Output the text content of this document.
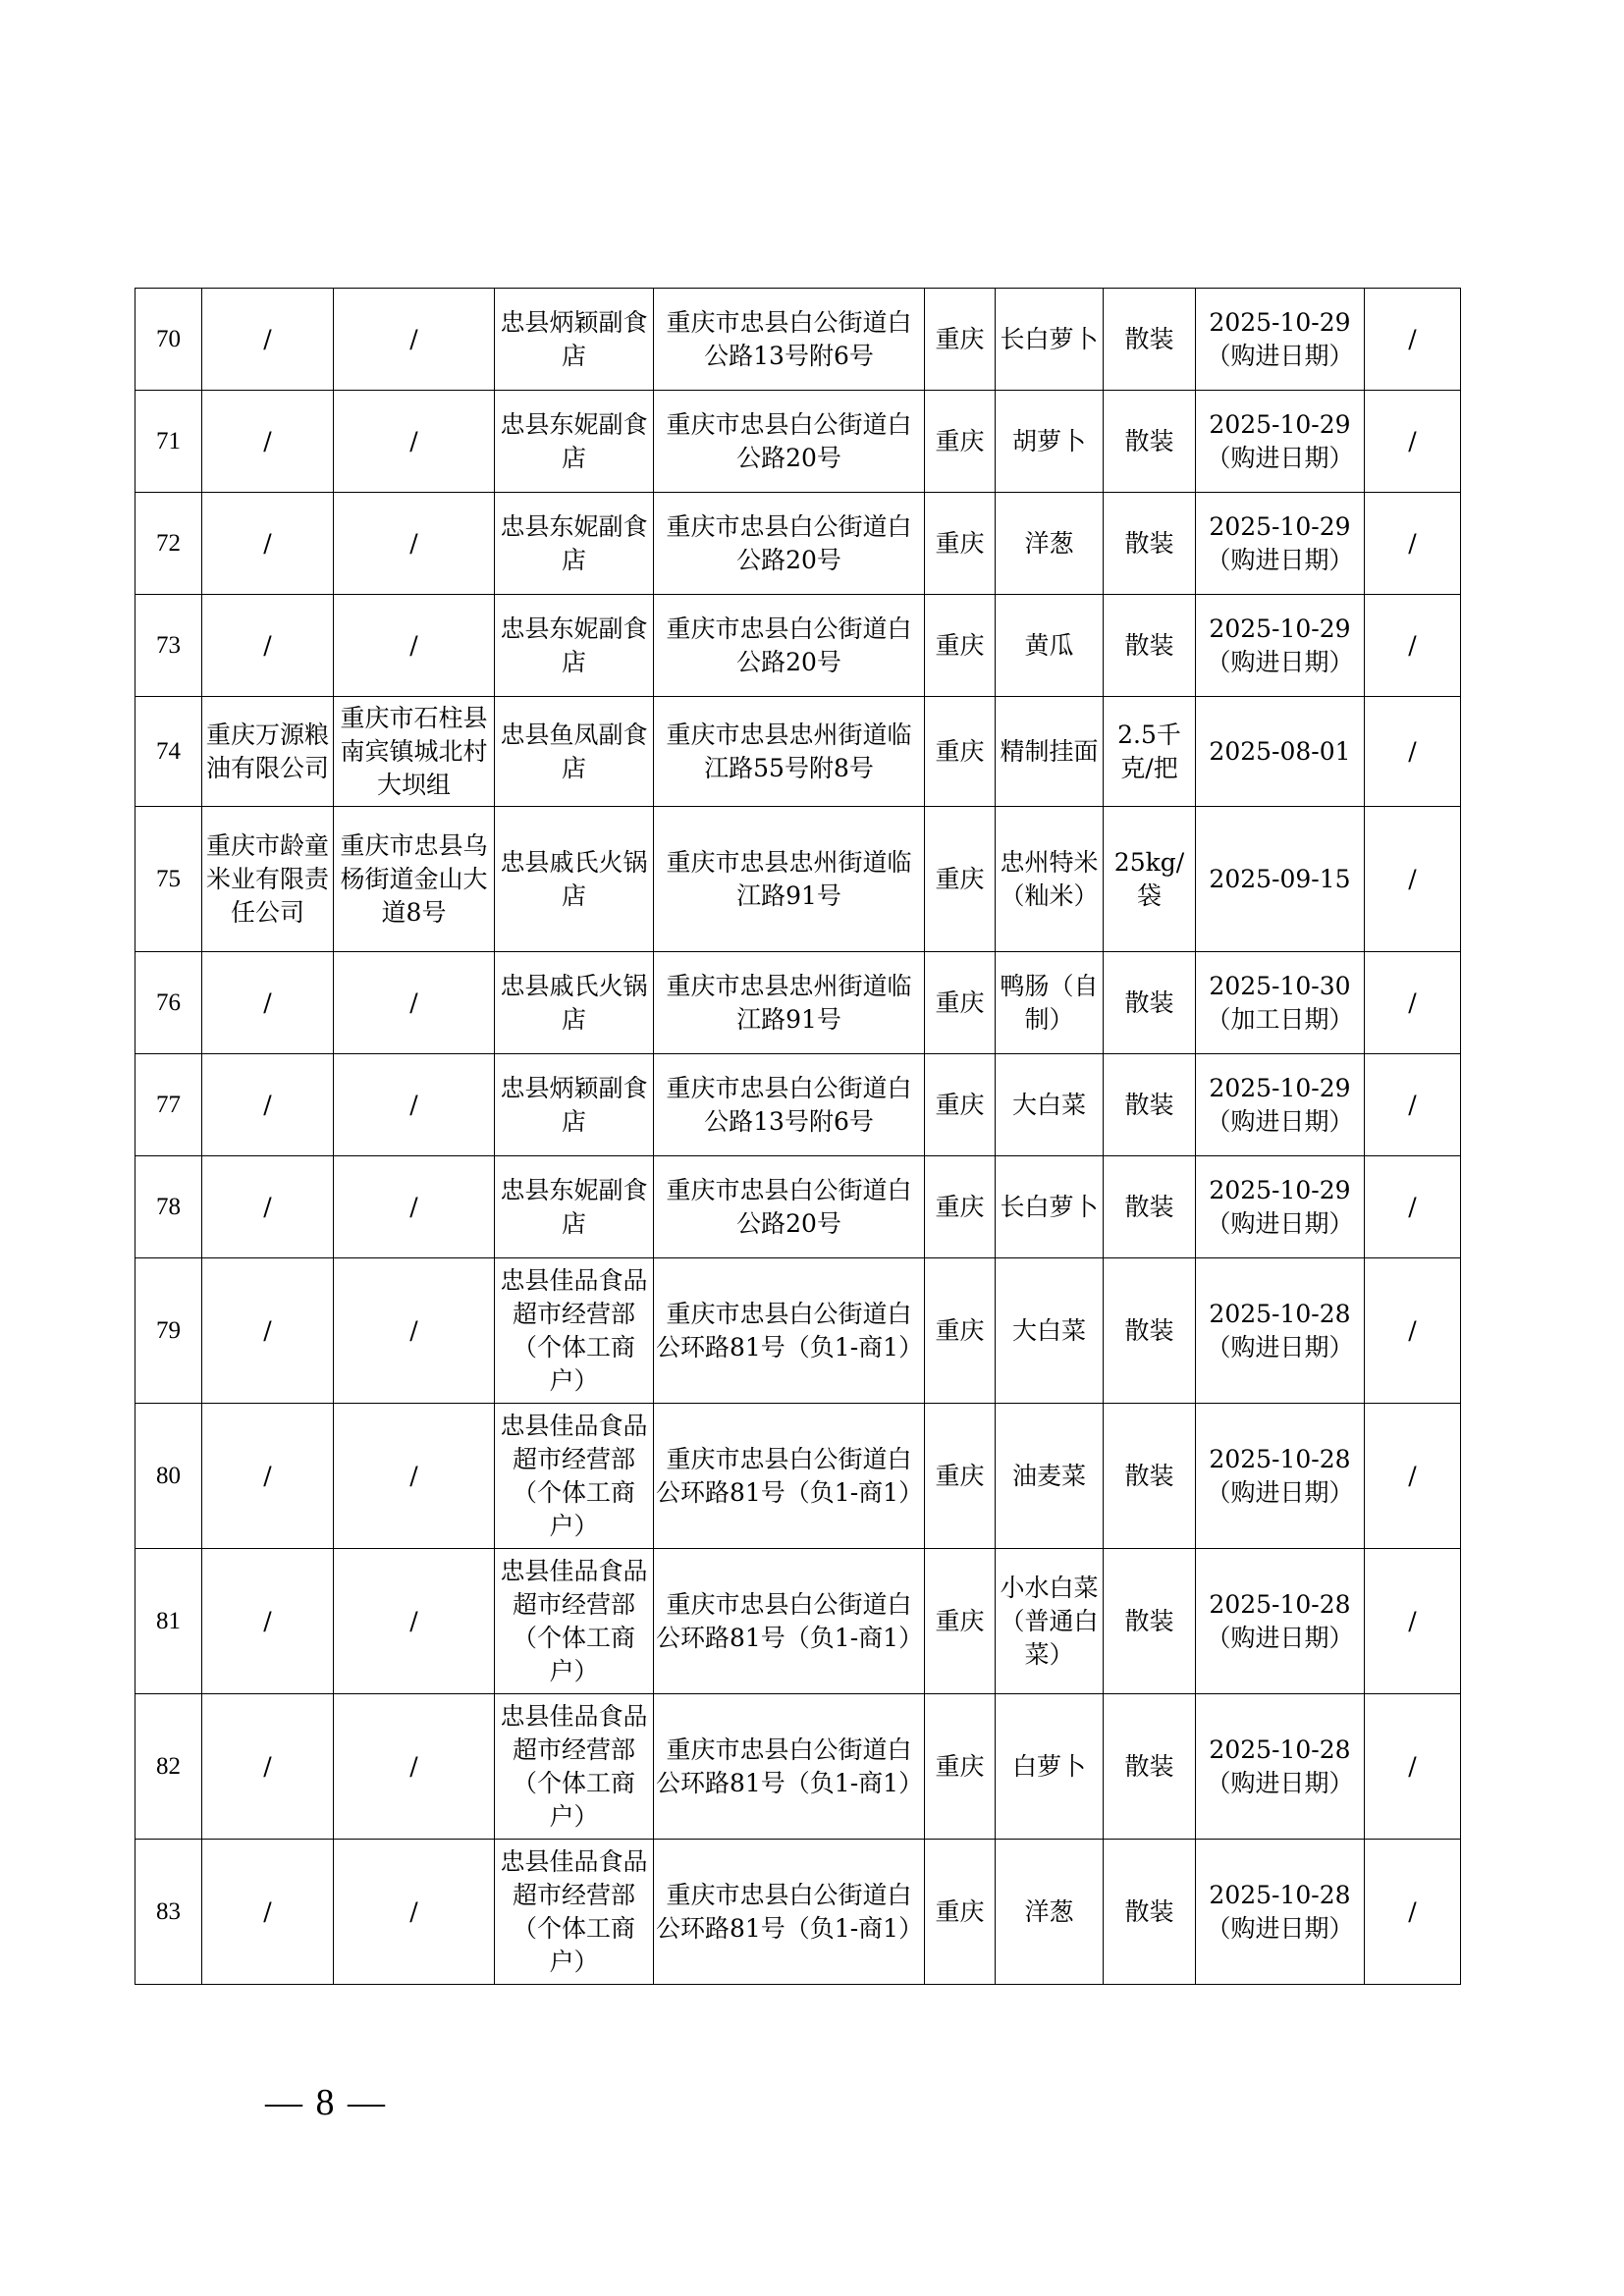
70	/	/	忠县炳颖副食店	重庆市忠县白公街道白公路13号附6号	重庆	长白萝卜	散装	2025-10-29（购进日期）	/
71	/	/	忠县东妮副食店	重庆市忠县白公街道白公路20号	重庆	胡萝卜	散装	2025-10-29（购进日期）	/
72	/	/	忠县东妮副食店	重庆市忠县白公街道白公路20号	重庆	洋葱	散装	2025-10-29（购进日期）	/
73	/	/	忠县东妮副食店	重庆市忠县白公街道白公路20号	重庆	黄瓜	散装	2025-10-29（购进日期）	/
74	重庆万源粮油有限公司	重庆市石柱县南宾镇城北村大坝组	忠县鱼凤副食店	重庆市忠县忠州街道临江路55号附8号	重庆	精制挂面	2.5千克/把	2025-08-01	/
75	重庆市龄童米业有限责任公司	重庆市忠县乌杨街道金山大道8号	忠县戚氏火锅店	重庆市忠县忠州街道临江路91号	重庆	忠州特米（籼米）	25kg/袋	2025-09-15	/
76	/	/	忠县戚氏火锅店	重庆市忠县忠州街道临江路91号	重庆	鸭肠（自制）	散装	2025-10-30（加工日期）	/
77	/	/	忠县炳颖副食店	重庆市忠县白公街道白公路13号附6号	重庆	大白菜	散装	2025-10-29（购进日期）	/
78	/	/	忠县东妮副食店	重庆市忠县白公街道白公路20号	重庆	长白萝卜	散装	2025-10-29（购进日期）	/
79	/	/	忠县佳品食品超市经营部（个体工商户）	重庆市忠县白公街道白公环路81号（负1-商1）	重庆	大白菜	散装	2025-10-28（购进日期）	/
80	/	/	忠县佳品食品超市经营部（个体工商户）	重庆市忠县白公街道白公环路81号（负1-商1）	重庆	油麦菜	散装	2025-10-28（购进日期）	/
81	/	/	忠县佳品食品超市经营部（个体工商户）	重庆市忠县白公街道白公环路81号（负1-商1）	重庆	小水白菜（普通白菜）	散装	2025-10-28（购进日期）	/
82	/	/	忠县佳品食品超市经营部（个体工商户）	重庆市忠县白公街道白公环路81号（负1-商1）	重庆	白萝卜	散装	2025-10-28（购进日期）	/
83	/	/	忠县佳品食品超市经营部（个体工商户）	重庆市忠县白公街道白公环路81号（负1-商1）	重庆	洋葱	散装	2025-10-28（购进日期）	/
— 8 —
